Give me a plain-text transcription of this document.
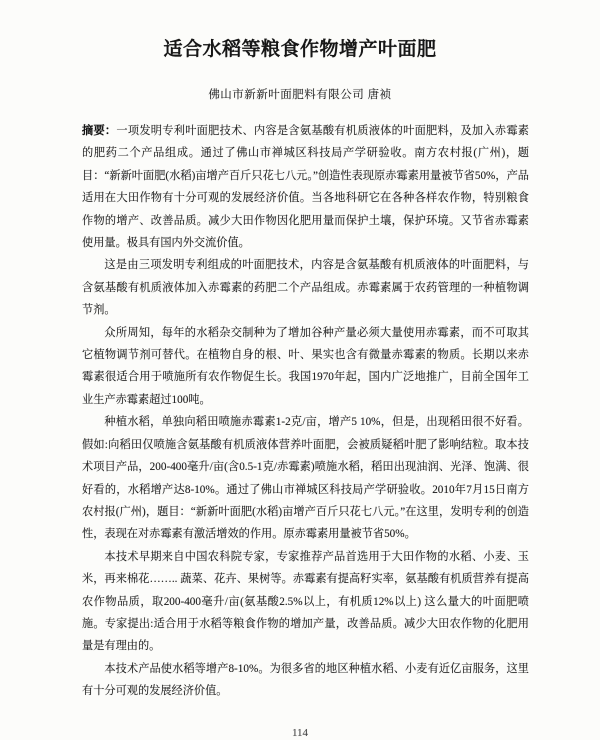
适合水稻等粮食作物增产叶面肥
佛山市新新叶面肥料有限公司 唐祯

摘要：一项发明专利叶面肥技术、内容是含氨基酸有机质液体的叶面肥料，及加入赤霉素的肥药二个产品组成。通过了佛山市禅城区科技局产学研验收。南方农村报(广州)，题目：“新新叶面肥(水稻)亩增产百斤只花七八元。”创造性表现原赤霉素用量被节省50%，产品适用在大田作物有十分可观的发展经济价值。当各地科研它在各种各样农作物，特别粮食作物的增产、改善品质。减少大田作物因化肥用量而保护土壤，保护环境。又节省赤霉素使用量。极具有国内外交流价值。

这是由三项发明专利组成的叶面肥技术，内容是含氨基酸有机质液体的叶面肥料，与含氨基酸有机质液体加入赤霉素的药肥二个产品组成。赤霉素属于农药管理的一种植物调节剂。

众所周知，每年的水稻杂交制种为了增加谷种产量必须大量使用赤霉素，而不可取其它植物调节剂可替代。在植物自身的根、叶、果实也含有微量赤霉素的物质。长期以来赤霉素很适合用于喷施所有农作物促生长。我国1970年起，国内广泛地推广，目前全国年工业生产赤霉素超过100吨。

种植水稻，单独向稻田喷施赤霉素1-2克/亩，增产5 10%，但是，出现稻田很不好看。假如:向稻田仅喷施含氨基酸有机质液体营养叶面肥，会被质疑稻叶肥了影响结粒。取本技术项目产品，200-400毫升/亩(含0.5-1克/赤霉素)喷施水稻，稻田出现油润、光泽、饱满、很好看的，水稻增产达8-10%。通过了佛山市禅城区科技局产学研验收。2010年7月15日南方农村报(广州)，题目：“新新叶面肥(水稻)亩增产百斤只花七八元。”在这里，发明专利的创造性，表现在对赤霉素有激活增效的作用。原赤霉素用量被节省50%。

本技术早期来自中国农科院专家，专家推荐产品首选用于大田作物的水稻、小麦、玉米，再来棉花…….. 蔬菜、花卉、果树等。赤霉素有提高籽实率，氨基酸有机质营养有提高农作物品质，取200-400毫升/亩(氨基酸2.5%以上，有机质12%以上) 这么量大的叶面肥喷施。专家提出:适合用于水稻等粮食作物的增加产量，改善品质。减少大田农作物的化肥用量是有理由的。

本技术产品使水稻等增产8-10%。为很多省的地区种植水稻、小麦有近亿亩服务，这里有十分可观的发展经济价值。

114
